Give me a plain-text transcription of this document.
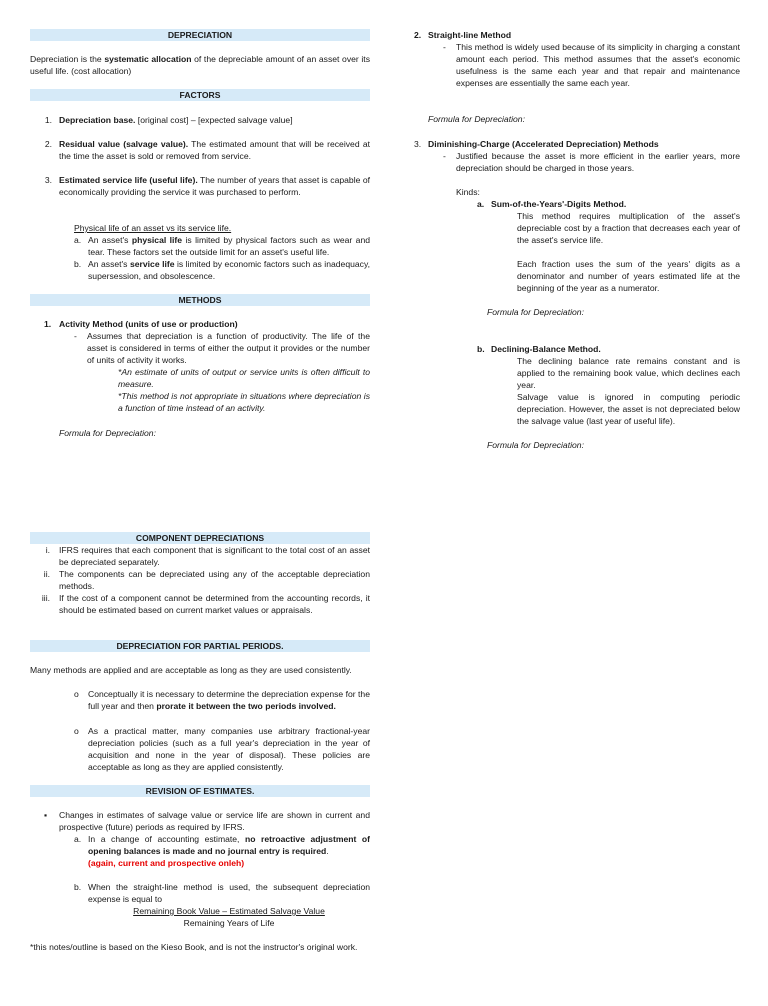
DEPRECIATION
Depreciation is the systematic allocation of the depreciable amount of an asset over its useful life. (cost allocation)
FACTORS
1. Depreciation base. [original cost] – [expected salvage value]
2. Residual value (salvage value). The estimated amount that will be received at the time the asset is sold or removed from service.
3. Estimated service life (useful life). The number of years that asset is capable of economically providing the service it was purchased to perform.
Physical life of an asset vs its service life.
a. An asset's physical life is limited by physical factors such as wear and tear. These factors set the outside limit for an asset's useful life.
b. An asset's service life is limited by economic factors such as inadequacy, supersession, and obsolescence.
METHODS
1. Activity Method (units of use or production)
- Assumes that depreciation is a function of productivity. The life of the asset is considered in terms of either the output it provides or the number of units of activity it works.
*An estimate of units of output or service units is often difficult to measure.
*This method is not appropriate in situations where depreciation is a function of time instead of an activity.
Formula for Depreciation:
COMPONENT DEPRECIATIONS
i. IFRS requires that each component that is significant to the total cost of an asset be depreciated separately.
ii. The components can be depreciated using any of the acceptable depreciation methods.
iii. If the cost of a component cannot be determined from the accounting records, it should be estimated based on current market values or appraisals.
DEPRECIATION FOR PARTIAL PERIODS.
Many methods are applied and are acceptable as long as they are used consistently.
o Conceptually it is necessary to determine the depreciation expense for the full year and then prorate it between the two periods involved.
o As a practical matter, many companies use arbitrary fractional-year depreciation policies (such as a full year's depreciation in the year of acquisition and none in the year of disposal). These policies are acceptable as long as they are applied consistently.
REVISION OF ESTIMATES.
▪ Changes in estimates of salvage value or service life are shown in current and prospective (future) periods as required by IFRS.
a. In a change of accounting estimate, no retroactive adjustment of opening balances is made and no journal entry is required.
(again, current and prospective onleh)
b. When the straight-line method is used, the subsequent depreciation expense is equal to
Remaining Book Value – Estimated Salvage Value
Remaining Years of Life
*this notes/outline is based on the Kieso Book, and is not the instructor's original work.
2. Straight-line Method
- This method is widely used because of its simplicity in charging a constant amount each period. This method assumes that the asset's economic usefulness is the same each year and that repair and maintenance expenses are essentially the same each year.
Formula for Depreciation:
3. Diminishing-Charge (Accelerated Depreciation) Methods
- Justified because the asset is more efficient in the earlier years, more depreciation should be charged in those years.
Kinds:
a. Sum-of-the-Years'-Digits Method.
This method requires multiplication of the asset's depreciable cost by a fraction that decreases each year of the asset's service life.
Each fraction uses the sum of the years' digits as a denominator and number of years estimated life at the beginning of the year as a numerator.
Formula for Depreciation:
b. Declining-Balance Method.
The declining balance rate remains constant and is applied to the remaining book value, which declines each year.
Salvage value is ignored in computing periodic depreciation. However, the asset is not depreciated below the salvage value (last year of useful life).
Formula for Depreciation:
